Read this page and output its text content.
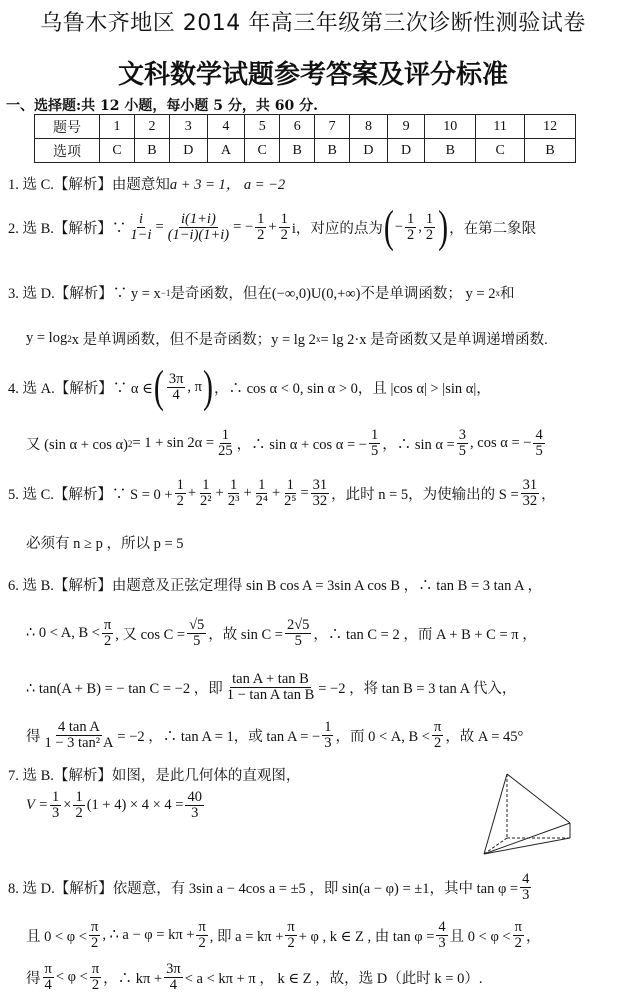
乌鲁木齐地区 2014 年高三年级第三次诊断性测验试卷
文科数学试题参考答案及评分标准
一、选择题:共 12 小题，每小题 5 分，共 60 分.
题号	1	2	3	4	5	6	7	8	9	10	11	12
选项	C	B	D	A	C	B	B	D	D	B	C	B
1. 选 C.【解析】由题意知 a + 3 = 1， a = −2
2. 选 B.【解析】∵ $\frac{i}{1-i} = \frac{i(1+i)}{(1-i)(1+i)}$ = − $\frac{1}{2} + \frac{1}{2}$ i，对应的点为 ( − $\frac{1}{2}$ , $\frac{1}{2}$ ) ，在第二象限
3. 选 D.【解析】∵ y = x −1 是奇函数，但在(−∞,0)U(0,+∞)不是单调函数； y = 2 x 和
y = log 2 x 是单调函数，但不是奇函数；y = lg 2 x = lg 2·x 是奇函数又是单调递增函数.
4. 选 A.【解析】∵ α ∈ ( $\frac{3\pi}{4}$ , π ) ，∴ cos α < 0, sin α > 0，且 |cos α| > |sin α|，
又 (sin α + cos α) $2 = 1 + \sin 2\alpha = \frac{1}{25}$ ，∴ sin α + cos α = − $\frac{1}{5}$ ，∴ $\sin \alpha = \frac{3}{5}$ , cos α = − $\frac{4}{5}$
5. 选 C.【解析】∵ $S = 0 + \frac{1}{2} + \frac{1}{\text{2²}} + \frac{1}{\text{2³}} + \frac{1}{\text{2⁴}} + \frac{1}{\text{2⁵}} = \frac{31}{32}$ ，此时 n = 5，为使输出的 $S = \frac{31}{32}$ ，
必须有 n ≥ p ，所以 p = 5
6. 选 B.【解析】由题意及正弦定理得 sin B cos A = 3sin A cos B ，∴ tan B = 3 tan A ，
∴ 0 < A, $B < \frac{\pi}{2}$ , 又 $\cos C = \frac{√5}{5}$ ，故 $\sin C = \frac{2√5}{5}$ ，∴ tan C = 2 ，而 A + B + C = π ，
∴ tan(A + B) = − tan C = −2 ，即 $\frac{\text{tan A + tan B}}{\text{1 − tan A tan B}} = -2$ ，将 tan B = 3 tan A 代入，
得 $\frac{\text{4 tan A}}{\text{1 − 3 tan² A}} = -2$ ，∴ tan A = 1，或 tan A = − $\frac{1}{3}$ ，而 0 < A, $B < \frac{\pi}{2}$ ，故 A = 45°
7. 选 B.【解析】如图，是此几何体的直观图，
$V = \frac{1}{3} \times \frac{1}{2} (1 + 4) \times 4 \times 4 = \frac{40}{3}$
8. 选 D.【解析】依题意，有 3sin a − 4cos a = ±5 ，即 sin(a − φ) = ±1，其中 $\tan \varphi = \frac{4}{3}$
且 $0 < \varphi < \frac{\pi}{2}$ , ∴ $a - \varphi = k\pi + \frac{\pi}{2}$ , 即 $a = k\pi + \frac{\pi}{2} + \varphi$ , k ∈ Z , 由 $\tan \varphi = \frac{4}{3}$ 且 $0 < \varphi < \frac{\pi}{2}$ ，
得 $\frac{\pi}{4} < \varphi < \frac{\pi}{2}$ ，∴ $k\pi + \frac{3\pi}{4} < a < k\pi + \pi$ ， k ∈ Z ，故，选 D（此时 k = 0）.
